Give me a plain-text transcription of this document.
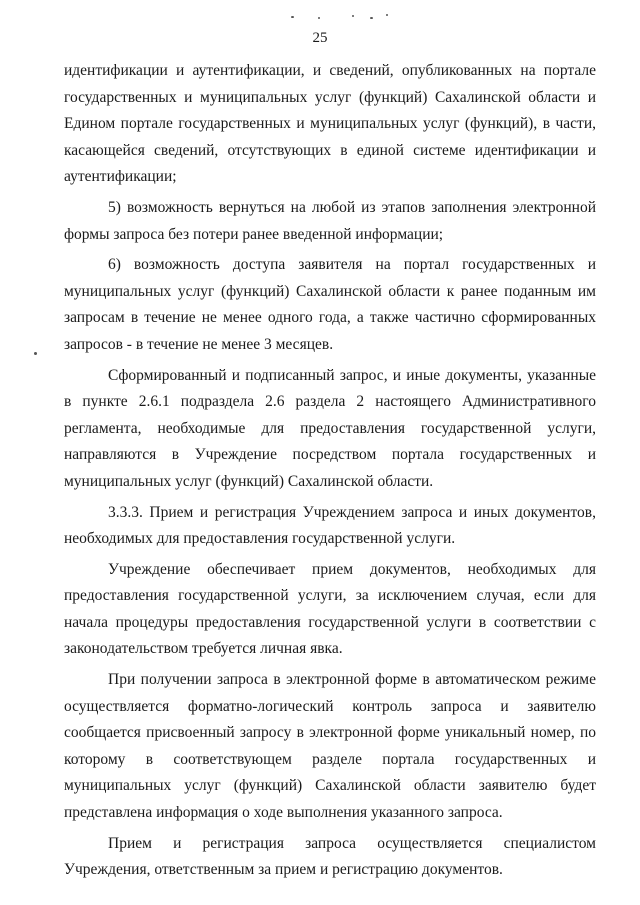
25

идентификации и аутентификации, и сведений, опубликованных на портале государственных и муниципальных услуг (функций) Сахалинской области и Едином портале государственных и муниципальных услуг (функций), в части, касающейся сведений, отсутствующих в единой системе идентификации и аутентификации;

5) возможность вернуться на любой из этапов заполнения электронной формы запроса без потери ранее введенной информации;

6) возможность доступа заявителя на портал государственных и муниципальных услуг (функций) Сахалинской области к ранее поданным им запросам в течение не менее одного года, а также частично сформированных запросов - в течение не менее 3 месяцев.

Сформированный и подписанный запрос, и иные документы, указанные в пункте 2.6.1 подраздела 2.6 раздела 2 настоящего Административного регламента, необходимые для предоставления государственной услуги, направляются в Учреждение посредством портала государственных и муниципальных услуг (функций) Сахалинской области.

3.3.3. Прием и регистрация Учреждением запроса и иных документов, необходимых для предоставления государственной услуги.

Учреждение обеспечивает прием документов, необходимых для предоставления государственной услуги, за исключением случая, если для начала процедуры предоставления государственной услуги в соответствии с законодательством требуется личная явка.

При получении запроса в электронной форме в автоматическом режиме осуществляется форматно-логический контроль запроса и заявителю сообщается присвоенный запросу в электронной форме уникальный номер, по которому в соответствующем разделе портала государственных и муниципальных услуг (функций) Сахалинской области заявителю будет представлена информация о ходе выполнения указанного запроса.

Прием и регистрация запроса осуществляется специалистом Учреждения, ответственным за прием и регистрацию документов.
